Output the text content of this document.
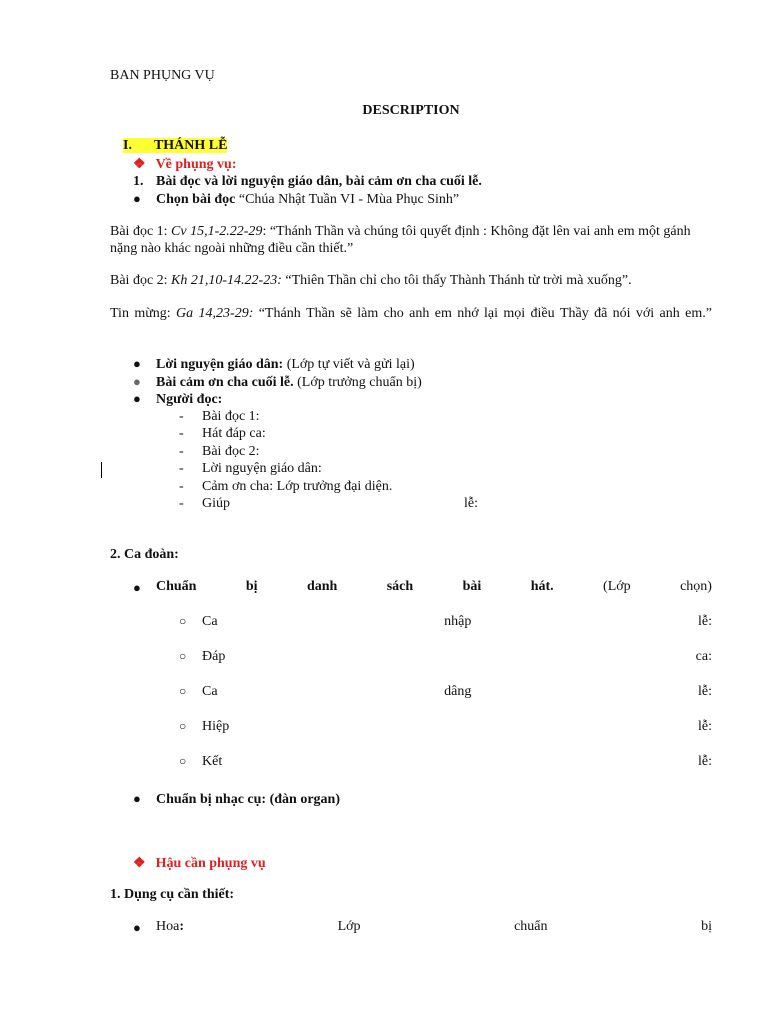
BAN PHỤNG VỤ
DESCRIPTION
I. THÁNH LỄ
❖ Về phụng vụ:
1. Bài đọc và lời nguyện giáo dân, bài cảm ơn cha cuối lễ.
● Chọn bài đọc “Chúa Nhật Tuần VI - Mùa Phục Sinh”
Bài đọc 1: Cv 15,1-2.22-29: “Thánh Thần và chúng tôi quyết định : Không đặt lên vai anh em một gánh
nặng nào khác ngoài những điều cần thiết.”
Bài đọc 2: Kh 21,10-14.22-23: “Thiên Thần chỉ cho tôi thấy Thành Thánh từ trời mà xuống”.
Tin mừng: Ga 14,23-29: “Thánh Thần sẽ làm cho anh em nhớ lại mọi điều Thầy đã nói với anh em.”
● Lời nguyện giáo dân: (Lớp tự viết và gửi lại)
● Bài cảm ơn cha cuối lễ. (Lớp trưởng chuẩn bị)
● Người đọc:
- Bài đọc 1:
- Hát đáp ca:
- Bài đọc 2:
- Lời nguyện giáo dân:
- Cảm ơn cha: Lớp trưởng đại diện.
- Giúp	lễ:
2. Ca đoàn:
● Chuẩn	bị	danh	sách	bài	hát.	(Lớp	chọn)
○ Ca	nhập	lễ:
○ Đáp	ca:
○ Ca	dâng	lễ:
○ Hiệp	lễ:
○ Kết	lễ:
● Chuẩn bị nhạc cụ: (đàn organ)
❖ Hậu cần phụng vụ
1. Dụng cụ cần thiết:
● Hoa:	Lớp	chuẩn	bị
